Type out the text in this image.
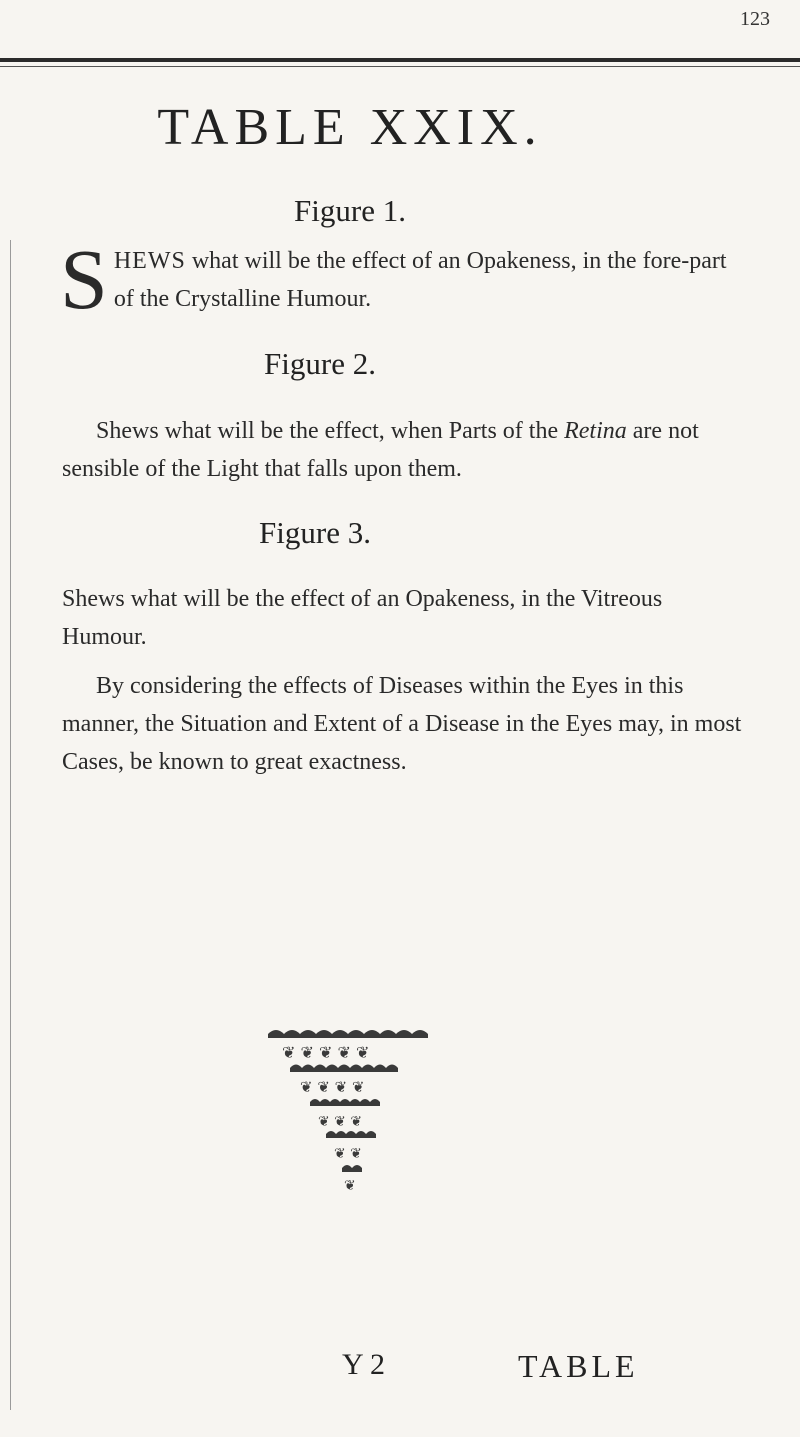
123
TABLE XXIX.
Figure 1.
SHEWS what will be the effect of an Opakeness, in the fore-part of the Crystalline Humour.
Figure 2.
Shews what will be the effect, when Parts of the Retina are not sensible of the Light that falls upon them.
Figure 3.
Shews what will be the effect of an Opakeness, in the Vitreous Humour.
By considering the effects of Diseases within the Eyes in this manner, the Situation and Extent of a Disease in the Eyes may, in most Cases, be known to great exactness.
❦ ❦ ❦ ❦ ❦
❦ ❦ ❦ ❦
❦ ❦ ❦
❦ ❦
❦
Y 2	TABLE
